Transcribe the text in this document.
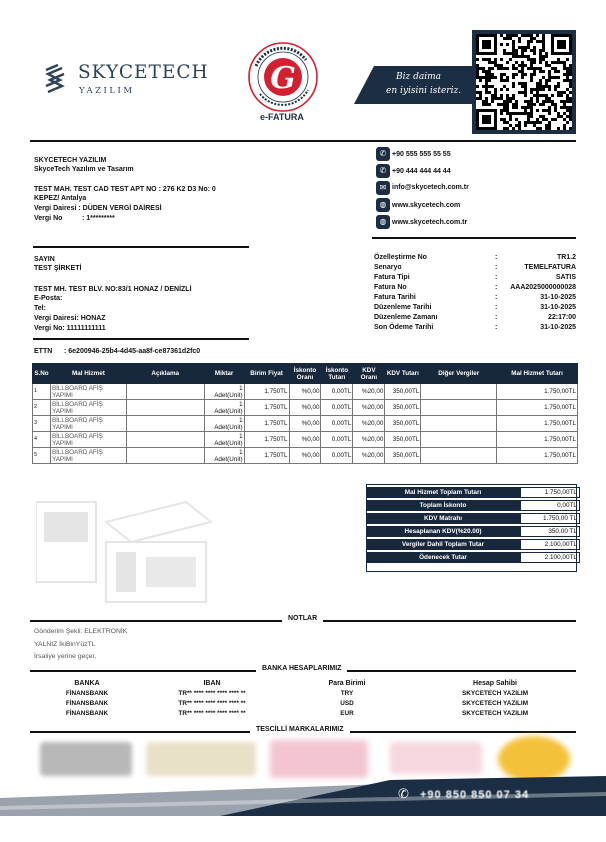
SKYCETECH
YAZILIM	G
e-FATURA
Biz daima
en iyisini isteriz.
SKYCETECH YAZILIM
SkyceTech Yazılım ve Tasarım
TEST MAH. TEST CAD TEST APT NO : 276 K2 D3 No: 0
KEPEZ/ Antalya
Vergi Dairesi : DÜDEN VERGİ DAİRESİ
Vergi No	: 1*********
✆ +90 555 555 55 55
✆ +90 444 444 44 44
✉ info@skycetech.com.tr
◍ www.skycetech.com
◍ www.skycetech.com.tr
SAYIN
TEST ŞİRKETİ
TEST MH. TEST BLV. NO:83/1 HONAZ / DENİZLİ
E-Posta:
Tel:
Vergi Dairesi: HONAZ
Vergi No: 11111111111
Özelleştirme No	:	TR1.2
Senaryo	:	TEMELFATURA
Fatura Tipi	:	SATIS
Fatura No	: AAA2025000000028
Fatura Tarihi	:	31-10-2025
Düzenleme Tarihi	:	31-10-2025
Düzenleme Zamanı	:	22:17:00
Son Ödeme Tarihi	:	31-10-2025
ETTN : 6e200946-25b4-4d45-aa8f-ce87361d2fc0
S.No	Mal Hizmet	Açıklama	Miktar	Birim Fiyat	İskonto Oranı	İskonto Tutarı	KDV Oranı	KDV Tutarı	Diğer Vergiler	Mal Hizmet Tutarı
1	BİLLBOARD AFİŞ YAPIMI		1
Adet(Unit)	1.750TL	%0,00	0,00TL	%20,00	350,00TL		1.750,00TL
2	BİLLBOARD AFİŞ YAPIMI		1
Adet(Unit)	1.750TL	%0,00	0,00TL	%20,00	350,00TL		1.750,00TL
3	BİLLBOARD AFİŞ YAPIMI		1
Adet(Unit)	1.750TL	%0,00	0,00TL	%20,00	350,00TL		1.750,00TL
4	BİLLBOARD AFİŞ YAPIMI		1
Adet(Unit)	1.750TL	%0,00	0,00TL	%20,00	350,00TL		1.750,00TL
5	BİLLBOARD AFİŞ YAPIMI		1
Adet(Unit)	1.750TL	%0,00	0,00TL	%20,00	350,00TL		1.750,00TL
Mal Hizmet Toplam Tutarı	1.750,00TL
Toplam İskonto	0,00TL
KDV Matrahı	1.750,00 TL
Hesaplanan KDV(%20.00)	350,00 TL
Vergiler Dahil Toplam Tutar	2.100,00TL
Ödenecek Tutar	2.100,00TL
NOTLAR
Gönderim Şekli: ELEKTRONİK
YALNIZ İkiBinYüzTL
İrsaliye yerine geçer.
BANKA HESAPLARIMIZ
BANKA	IBAN	Para Birimi	Hesap Sahibi
FİNANSBANK	TR** **** **** **** **** **	TRY	SKYCETECH YAZILIM
FİNANSBANK	TR** **** **** **** **** **	USD	SKYCETECH YAZILIM
FİNANSBANK	TR** **** **** **** **** **	EUR	SKYCETECH YAZILIM
TESCİLLİ MARKALARIMIZ
✆ +90 850 850 07 34
